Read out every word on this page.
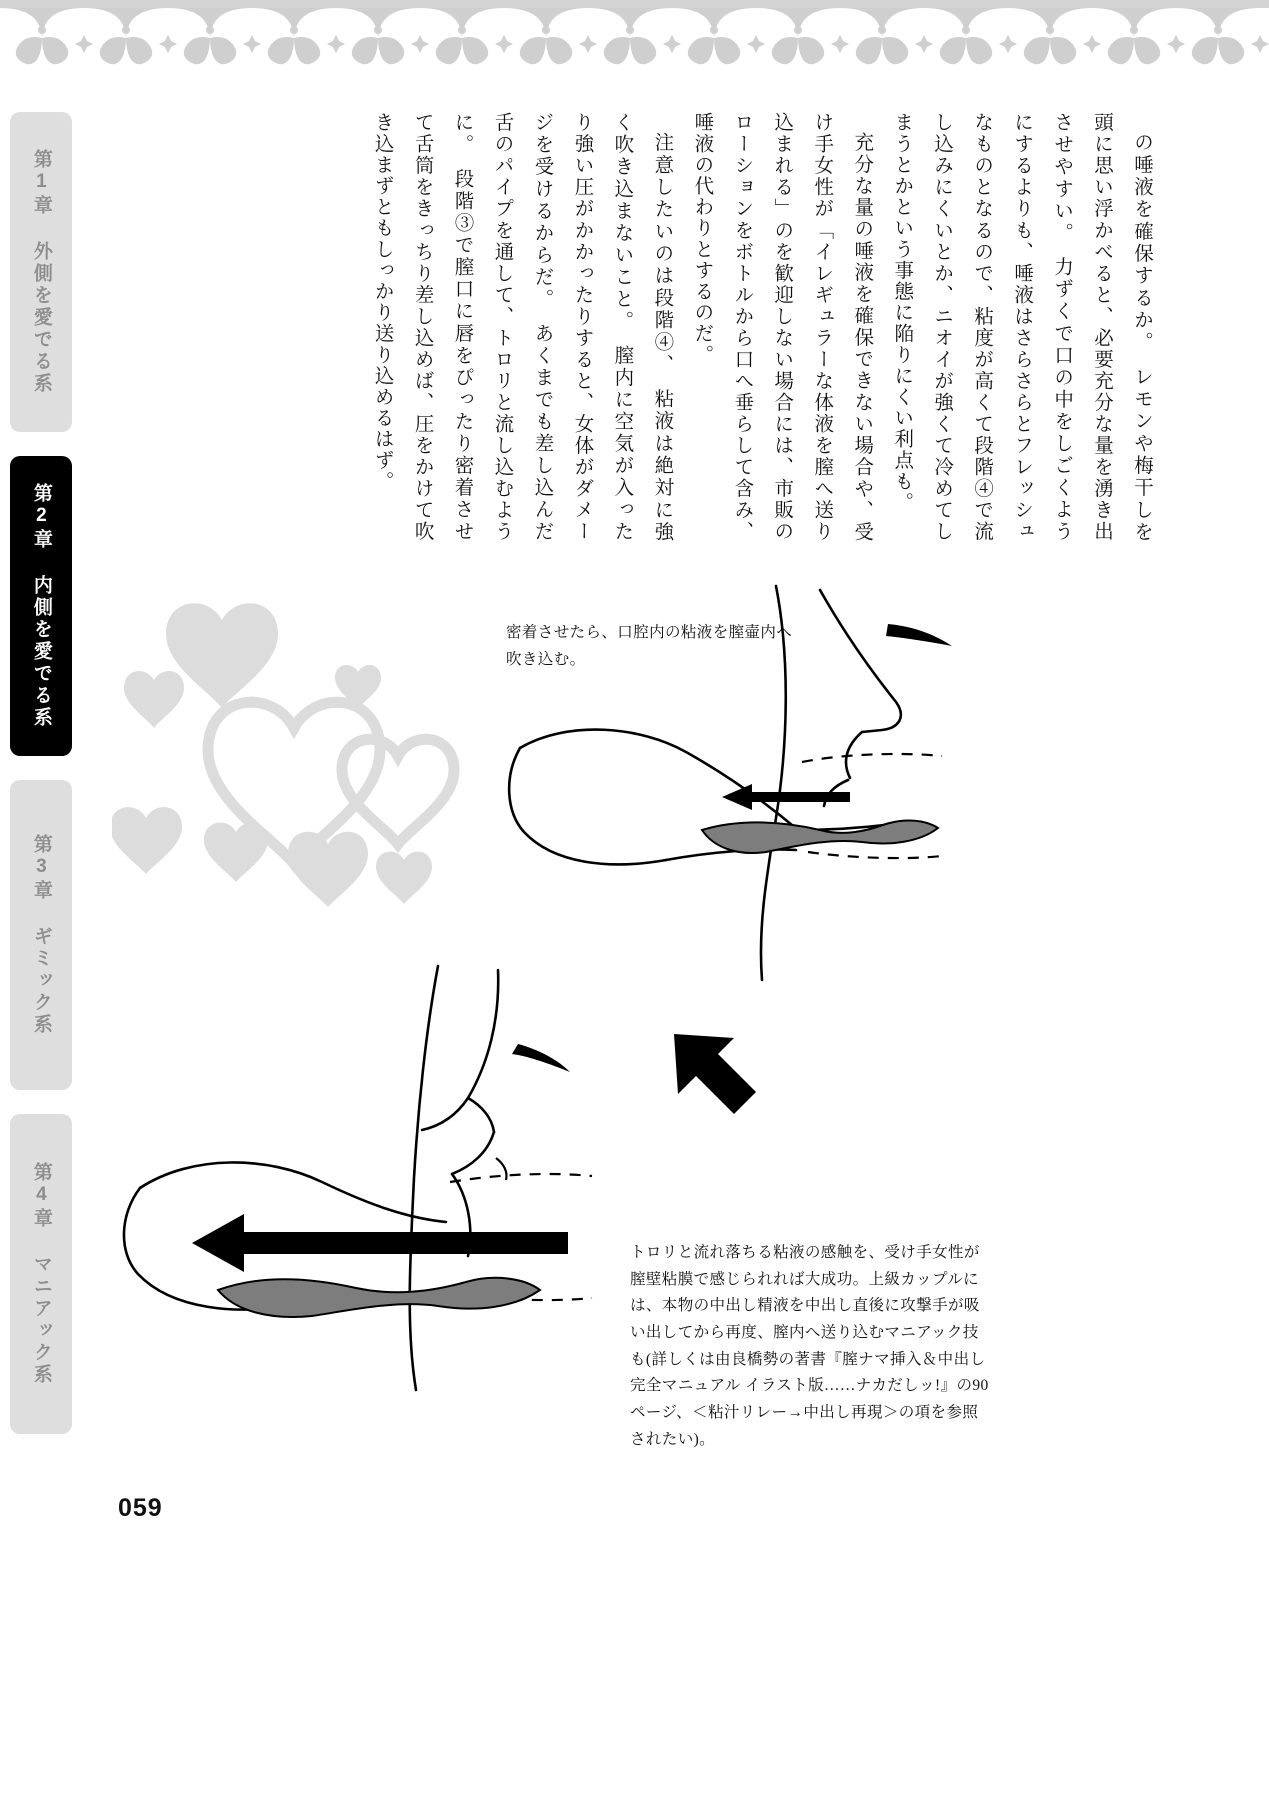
第1章 外側を愛でる系
第2章 内側を愛でる系
第3章 ギミック系
第4章 マニアック系

の唾液を確保するか。　レモンや梅干しを頭に思い浮かべると、必要充分な量を湧き出させやすい。　力ずくで口の中をしごくようにするよりも、唾液はさらさらとフレッシュなものとなるので、粘度が高くて段階④で流し込みにくいとか、ニオイが強くて冷めてしまうとかという事態に陥りにくい利点も。

充分な量の唾液を確保できない場合や、受け手女性が「イレギュラーな体液を膣へ送り込まれる」のを歓迎しない場合には、市販のローションをボトルから口へ垂らして含み、唾液の代わりとするのだ。

注意したいのは段階④、　粘液は絶対に強く吹き込まないこと。　膣内に空気が入ったり強い圧がかかったりすると、女体がダメージを受けるからだ。　あくまでも差し込んだ舌のパイプを通して、トロリと流し込むように。　段階③で膣口に唇をぴったり密着させて舌筒をきっちり差し込めば、圧をかけて吹き込まずともしっかり送り込めるはず。

密着させたら、口腔内の粘液を膣壷内へ吹き込む。
トロリと流れ落ちる粘液の感触を、受け手女性が膣壁粘膜で感じられれば大成功。上級カップルには、本物の中出し精液を中出し直後に攻撃手が吸い出してから再度、膣内へ送り込むマニアック技も(詳しくは由良橋勢の著書『膣ナマ挿入＆中出し完全マニュアル イラスト版……ナカだしッ!』の90ページ、＜粘汁リレー→中出し再現＞の項を参照されたい)。
059
